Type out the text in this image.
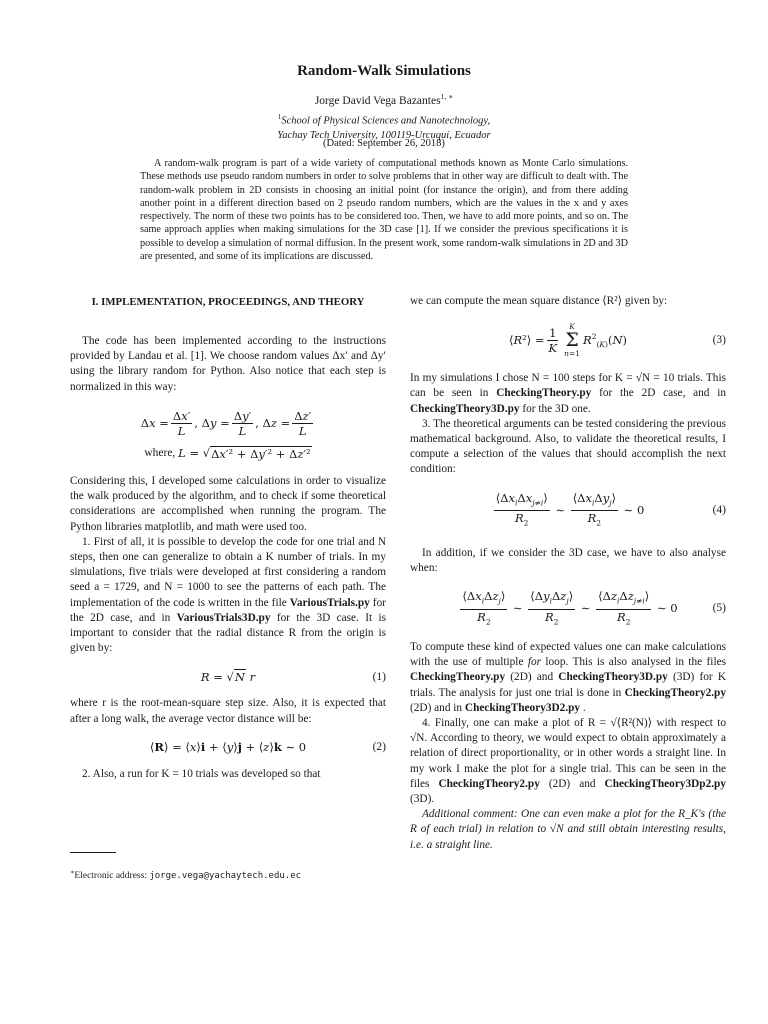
Random-Walk Simulations
Jorge David Vega Bazantes$^{1, ∗}$
$^1$School of Physical Sciences and Nanotechnology,
Yachay Tech University, 100119-Urcuquí, Ecuador
(Dated: September 26, 2018)
A random-walk program is part of a wide variety of computational methods known as Monte Carlo simulations. These methods use pseudo random numbers in order to solve problems that in other way are difficult to dealt with. The random-walk problem in 2D consists in choosing an initial point (for instance the origin), and from there adding another point in a different direction based on 2 pseudo random numbers, which are the values in the x and y axes respectively. The norm of these two points has to be considered too. Then, we have to add more points, and so on. The same approach applies when making simulations for the 3D case [1]. If we consider the previous specifications it is possible to develop a simulation of normal diffusion. In the present work, some random-walk simulations in 2D and 3D are presented, and some of its implications are discussed.
I. IMPLEMENTATION, PROCEEDINGS, AND THEORY

The code has been implemented according to the instructions provided by Landau et al. [1]. We choose random values Δx′ and Δy′ using the library random for Python. Also notice that each step is normalized in this way:

$\Delta x = \frac{\Delta x'}{L}$ , $\Delta y = \frac{\Delta y'}{L}$ , $\Delta z = \frac{\Delta z'}{L}$
where, L = √ Δx′² + Δy′² + Δz′²

Considering this, I developed some calculations in order to visualize the walk produced by the algorithm, and to check if some theoretical considerations are accomplished when running the program. The Python libraries matplotlib, and math were used too.

1. First of all, it is possible to develop the code for one trial and N steps, then one can generalize to obtain a K number of trials. In my simulations, five trials were developed at first considering a random seed a = 1729, and N = 1000 to see the patterns of each path. The implementation of the code is written in the file VariousTrials.py for the 2D case, and in VariousTrials3D.py for the 3D case. It is important to consider that the radial distance R from the origin is given by:

R = √ N r	(1)

where r is the root-mean-square step size. Also, it is expected that after a long walk, the average vector distance will be:

⟨R⟩ = ⟨x⟩i + ⟨y⟩j + ⟨z⟩k ∼ 0	(2)

2. Also, a run for K = 10 trials was developed so that

∗Electronic address: jorge.vega@yachaytech.edu.ec

we can compute the mean square distance ⟨R²⟩ given by:

⟨R²⟩ = $\frac{1}{K}$ K
Σ
n=1
$R^2_{(K)}(N)$	(3)

In my simulations I chose N = 100 steps for K = √N = 10 trials. This can be seen in CheckingTheory.py for the 2D case, and in CheckingTheory3D.py for the 3D one.

3. The theoretical arguments can be tested considering the previous mathematical background. Also, to validate the theoretical results, I compute a selection of the values that should accomplish the next condition:

$\frac{⟨\Delta x_i\Delta x_{j\ne i}⟩}{R_2}$ ∼ $\frac{⟨\Delta x_i\Delta y_j⟩}{R_2}$ ∼ 0	(4)

In addition, if we consider the 3D case, we have to also analyse when:

$\frac{⟨\Delta x_i\Delta z_j⟩}{R_2}$ ∼ $\frac{⟨\Delta y_i\Delta z_j⟩}{R_2}$ ∼ $\frac{⟨\Delta z_i\Delta z_{j\ne i}⟩}{R_2}$ ∼ 0	(5)

To compute these kind of expected values one can make calculations with the use of multiple for loop. This is also analysed in the files CheckingTheory.py (2D) and CheckingTheory3D.py (3D) for K trials. The analysis for just one trial is done in CheckingTheory2.py (2D) and in CheckingTheory3D2.py .

4. Finally, one can make a plot of R = √⟨R²(N)⟩ with respect to √N. According to theory, we would expect to obtain approximately a relation of direct proportionality, or in other words a straight line. In my work I make the plot for a single trial. This can be seen in the files CheckingTheory2.py (2D) and CheckingTheory3Dp2.py (3D).

Additional comment: One can even make a plot for the R_K's (the R of each trial) in relation to √N and still obtain interesting results, i.e. a straight line.
